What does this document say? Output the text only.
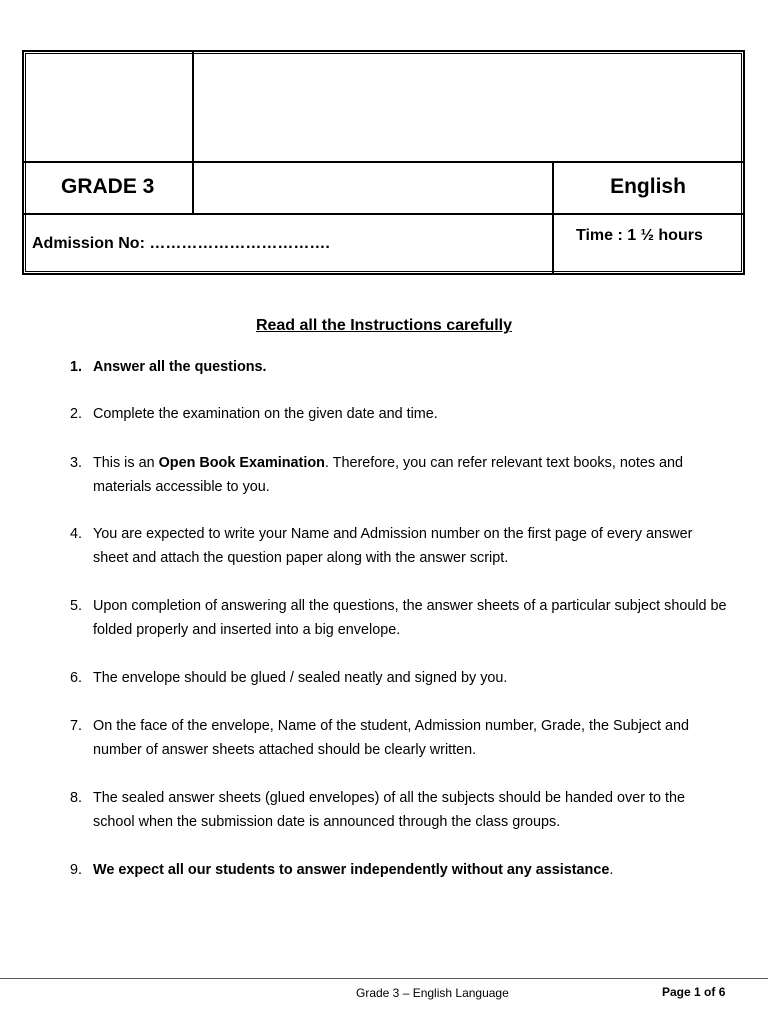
GRADE 3	English
Admission No: …………………………….	Time : 1 ½ hours
Read all the Instructions carefully
1. Answer all the questions.
2. Complete the examination on the given date and time.
3. This is an Open Book Examination. Therefore, you can refer relevant text books, notes and materials accessible to you.
4. You are expected to write your Name and Admission number on the first page of every answer sheet and attach the question paper along with the answer script.
5. Upon completion of answering all the questions, the answer sheets of a particular subject should be folded properly and inserted into a big envelope.
6. The envelope should be glued / sealed neatly and signed by you.
7. On the face of the envelope, Name of the student, Admission number, Grade, the Subject and number of answer sheets attached should be clearly written.
8. The sealed answer sheets (glued envelopes) of all the subjects should be handed over to the school when the submission date is announced through the class groups.
9. We expect all our students to answer independently without any assistance.
Grade 3 – English Language	Page 1 of 6
